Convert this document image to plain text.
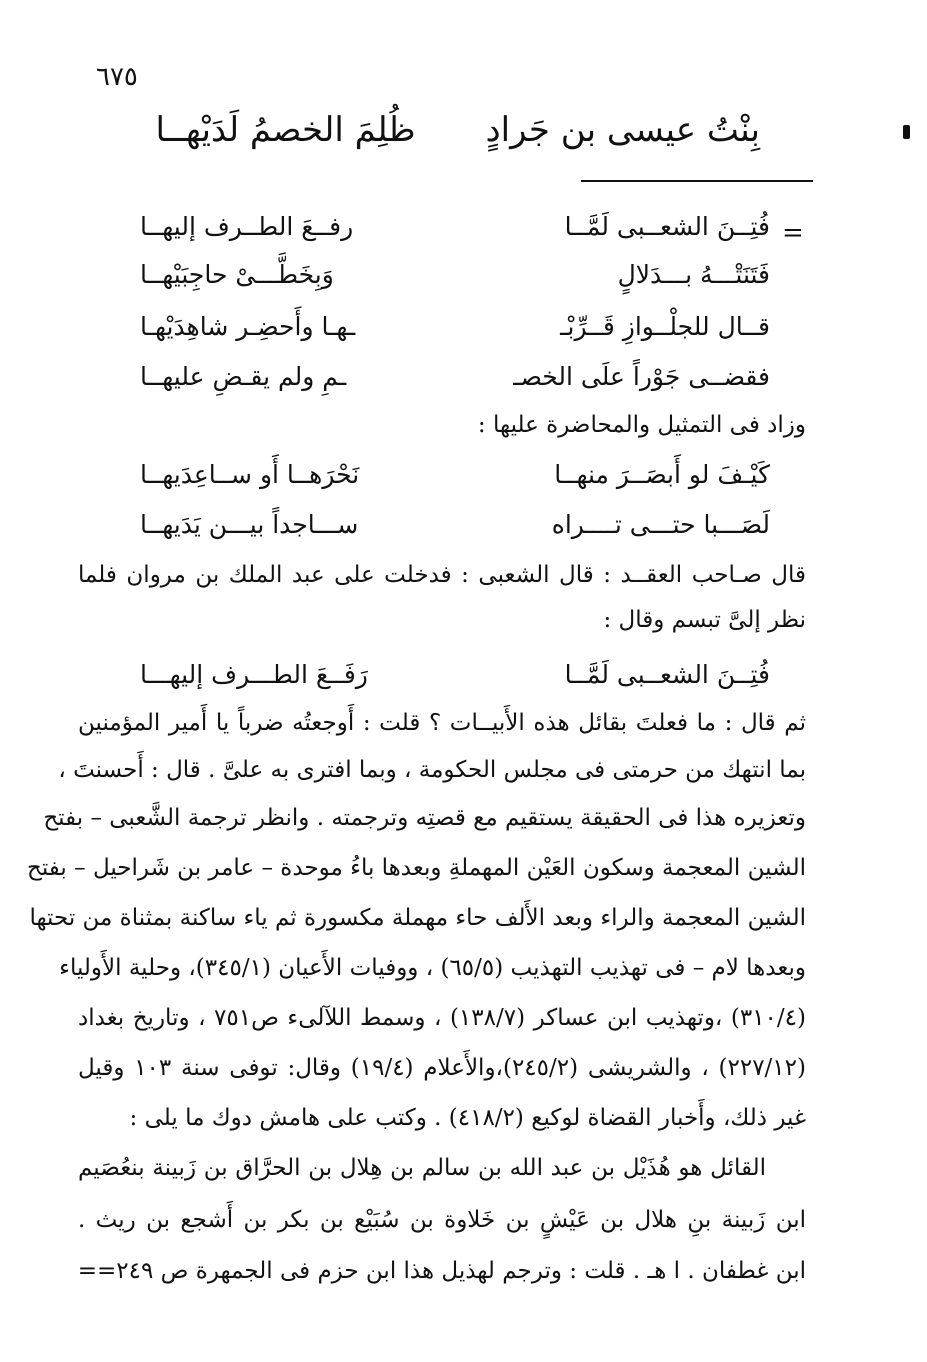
٦٧٥
بِنْتُ عيسى بن جَرادٍ
ظُلِمَ الخصمُ لَدَيْهــا
=
فُتِــنَ الشعــبى لَمَّــا
رفــعَ الطــرف إليهــا
فَتَنَتْـــهُ بـــدَلالٍ
وَبِخَطَّـــىْ حاجِبَيْهــا
قــال للجلْــوازِ قَــرِّبْـ
ـهـا وأَحضِـر شاهِدَيْهـا
فقضــى جَوْراً علَى الخصـ
ـمِ ولم يقـضِ عليهــا
وزاد فى التمثيل والمحاضرة عليها :
كَيْـفَ لو أَبصَــرَ منهــا
نَحْرَهــا أَو ســاعِدَيهــا
لَصَـــبا حتـــى تــــراه
ســـاجداً بيـــن يَدَيهــا
قال صـاحب العقــد : قال الشعبى : فدخلت على عبد الملك بن مروان فلما
نظر إلىَّ تبسم وقال :
فُتِــنَ الشعــبى لَمَّــا
رَفَــعَ الطـــرف إليهـــا
ثم قال : ما فعلتَ بقائل هذه الأَبيــات ؟ قلت : أَوجعتُه ضرباً يا أَمير المؤمنين
بما انتهك من حرمتى فى مجلس الحكومة ، وبما افترى به علىَّ . قال : أَحسنتَ ،
وتعزيره هذا فى الحقيقة يستقيم مع قصتِه وترجمته . وانظر ترجمة الشَّعبى – بفتح
الشين المعجمة وسكون العَيْن المهملةِ وبعدها باءُ موحدة – عامر بن شَراحيل – بفتح
الشين المعجمة والراء وبعد الأَلف حاء مهملة مكسورة ثم ياء ساكنة بمثناة من تحتها
وبعدها لام – فى تهذيب التهذيب (٦٥/٥) ، ووفيات الأَعيان (٣٤٥/١)، وحلية الأَولياء
(٣١٠/٤) ،وتهذيب ابن عساكر (١٣٨/٧) ، وسمط اللآلىء ص٧٥١ ، وتاريخ بغداد
(٢٢٧/١٢) ، والشريشى (٢٤٥/٢)،والأَعلام (١٩/٤) وقال: توفى سنة ١٠٣ وقيل
غير ذلك، وأَخبار القضاة لوكيع (٤١٨/٢) . وكتب على هامش دوك ما يلى :
القائل هو هُذَيْل بن عبد الله بن سالم بن هِلال بن الحرَّاق بن زَبينة بنعُصَيم
ابن زَبينة بنِ هلال بن عَيْشٍ بن خَلاوة بن سُبَيْع بن بكر بن أَشجع بن ريث .
ابن غطفان . ا هـ . قلت : وترجم لهذيل هذا ابن حزم فى الجمهرة ص ٢٤٩==
